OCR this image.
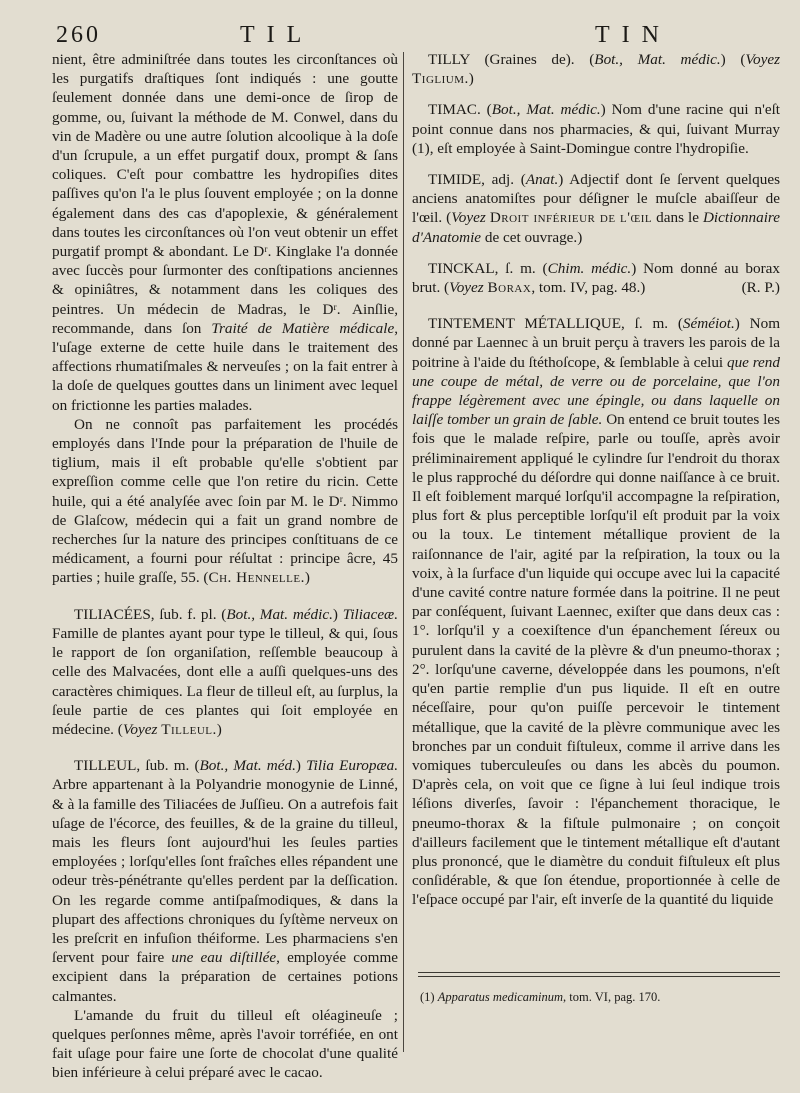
260	TIL	TIN

nient, être adminiſtrée dans toutes les circonſtances où les purgatifs draſtiques ſont indiqués : une goutte ſeulement donnée dans une demi-once de ſirop de gomme, ou, ſuivant la méthode de M. Conwel, dans du vin de Madère ou une autre ſolution alcoolique à la doſe d'un ſcrupule, a un effet purgatif doux, prompt & ſans coliques. C'eſt pour combattre les hydropiſies dites paſſives qu'on l'a le plus ſouvent employée ; on la donne également dans des cas d'apoplexie, & généralement dans toutes les circonſtances où l'on veut obtenir un effet purgatif prompt & abondant. Le Dʳ. Kinglake l'a donnée avec ſuccès pour ſurmonter des conſtipations anciennes & opiniâtres, & notamment dans les coliques des peintres. Un médecin de Madras, le Dʳ. Ainſlie, recommande, dans ſon Traité de Matière médicale, l'uſage externe de cette huile dans le traitement des affections rhumatiſmales & nerveuſes ; on la fait entrer à la doſe de quelques gouttes dans un liniment avec lequel on frictionne les parties malades.

On ne connoît pas parfaitement les procédés employés dans l'Inde pour la préparation de l'huile de tiglium, mais il eſt probable qu'elle s'obtient par expreſſion comme celle que l'on retire du ricin. Cette huile, qui a été analyſée avec ſoin par M. le Dʳ. Nimmo de Glaſcow, médecin qui a fait un grand nombre de recherches ſur la nature des principes conſtituans de ce médicament, a fourni pour réſultat : principe âcre, 45 parties ; huile graſſe, 55. (Ch. Hennelle.)

TILIACÉES, ſub. f. pl. (Bot., Mat. médic.) Tiliaceæ. Famille de plantes ayant pour type le tilleul, & qui, ſous le rapport de ſon organiſation, reſſemble beaucoup à celle des Malvacées, dont elle a auſſi quelques-uns des caractères chimiques. La fleur de tilleul eſt, au ſurplus, la ſeule partie de ces plantes qui ſoit employée en médecine. (Voyez Tilleul.)

TILLEUL, ſub. m. (Bot., Mat. méd.) Tilia Europæa. Arbre appartenant à la Polyandrie monogynie de Linné, & à la famille des Tiliacées de Juſſieu. On a autrefois fait uſage de l'écorce, des feuilles, & de la graine du tilleul, mais les fleurs ſont aujourd'hui les ſeules parties employées ; lorſqu'elles ſont fraîches elles répandent une odeur très-pénétrante qu'elles perdent par la deſſication. On les regarde comme antiſpaſmodiques, & dans la plupart des affections chroniques du ſyſtème nerveux on les preſcrit en infuſion théiforme. Les pharmaciens s'en ſervent pour faire une eau diſtillée, employée comme excipient dans la préparation de certaines potions calmantes.

L'amande du fruit du tilleul eſt oléagineuſe ; quelques perſonnes même, après l'avoir torréfiée, en ont fait uſage pour faire une ſorte de chocolat d'une qualité bien inférieure à celui préparé avec le cacao.

TILLY (Graines de). (Bot., Mat. médic.) (Voyez Tiglium.)

TIMAC. (Bot., Mat. médic.) Nom d'une racine qui n'eſt point connue dans nos pharmacies, & qui, ſuivant Murray (1), eſt employée à Saint-Domingue contre l'hydropiſie.

TIMIDE, adj. (Anat.) Adjectif dont ſe ſervent quelques anciens anatomiſtes pour déſigner le muſcle abaiſſeur de l'œil. (Voyez Droit inférieur de l'œil dans le Dictionnaire d'Anatomie de cet ouvrage.)

TINCKAL, ſ. m. (Chim. médic.) Nom donné au borax brut. (Voyez Borax, tom. IV, pag. 48.)	(R. P.)

TINTEMENT MÉTALLIQUE, ſ. m. (Séméiot.) Nom donné par Laennec à un bruit perçu à travers les parois de la poitrine à l'aide du ſtéthoſcope, & ſemblable à celui que rend une coupe de métal, de verre ou de porcelaine, que l'on frappe légèrement avec une épingle, ou dans laquelle on laiſſe tomber un grain de ſable. On entend ce bruit toutes les fois que le malade reſpire, parle ou touſſe, après avoir préliminairement appliqué le cylindre ſur l'endroit du thorax le plus rapproché du déſordre qui donne naiſſance à ce bruit. Il eſt foiblement marqué lorſqu'il accompagne la reſpiration, plus fort & plus perceptible lorſqu'il eſt produit par la voix ou la toux. Le tintement métallique provient de la raiſonnance de l'air, agité par la reſpiration, la toux ou la voix, à la ſurface d'un liquide qui occupe avec lui la capacité d'une cavité contre nature formée dans la poitrine. Il ne peut par conſéquent, ſuivant Laennec, exiſter que dans deux cas : 1°. lorſqu'il y a coexiſtence d'un épanchement ſéreux ou purulent dans la cavité de la plèvre & d'un pneumo-thorax ; 2°. lorſqu'une caverne, développée dans les poumons, n'eſt qu'en partie remplie d'un pus liquide. Il eſt en outre néceſſaire, pour qu'on puiſſe percevoir le tintement métallique, que la cavité de la plèvre communique avec les bronches par un conduit fiſtuleux, comme il arrive dans les vomiques tuberculeuſes ou dans les abcès du poumon. D'après cela, on voit que ce ſigne à lui ſeul indique trois léſions diverſes, ſavoir : l'épanchement thoracique, le pneumo-thorax & la fiſtule pulmonaire ; on conçoit d'ailleurs facilement que le tintement métallique eſt d'autant plus prononcé, que le diamètre du conduit fiſtuleux eſt plus conſidérable, & que ſon étendue, proportionnée à celle de l'eſpace occupé par l'air, eſt inverſe de la quantité du liquide

(1) Apparatus medicaminum, tom. VI, pag. 170.
